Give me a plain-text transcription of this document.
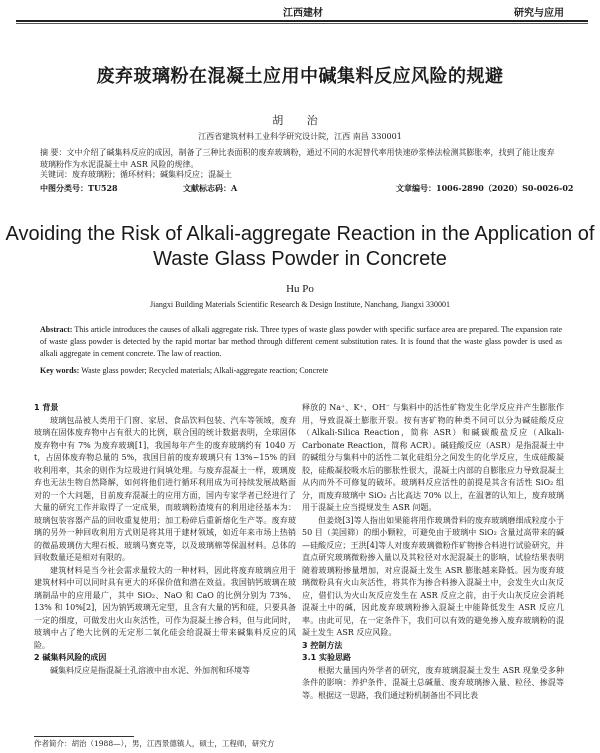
江西建材	研究与应用
废弃玻璃粉在混凝土应用中碱集料反应风险的规避
胡 治
江西省建筑材料工业科学研究设计院，江西 南昌 330001
摘 要：文中介绍了碱集料反应的成因，制备了三种比表面积的废弃玻璃粉，通过不同的水泥替代率用快速砂浆棒法检测其膨胀率，找到了能让废弃玻璃粉作为水泥混凝土中 ASR 风险的规律。
关键词：废弃玻璃粉；循环材料；碱集料反应；混凝土
中图分类号：TU528	文献标志码：A	文章编号：1006-2890（2020）S0-0026-02
Avoiding the Risk of Alkali-aggregate Reaction in the Application of Waste Glass Powder in Concrete
Hu Po
Jiangxi Building Materials Scientific Research & Design Institute, Nanchang, Jiangxi 330001
Abstract: This article introduces the causes of alkali aggregate risk. Three types of waste glass powder with specific surface area are prepared. The expansion rate of waste glass powder is detected by the rapid mortar bar method through different cement substitution rates. It is found that the waste glass powder is used as alkali aggregate in cement concrete. The law of reaction.
Key words: Waste glass powder; Recycled materials; Alkali-aggregate reaction; Concrete
1 背景

玻璃包品被人类用于门窗、家居、食品饮料包装、汽车等领域，废弃玻璃在固体废弃物中占有很大的比例，联合国的统计数据表明，全球固体废弃物中有 7% 为废弃玻璃[1]，我国每年产生的废弃玻璃约有 1040 万 t，占固体废弃物总量的 5%，我国目前的废弃玻璃只有 13%~15% 的回收利用率，其余的则作为垃圾进行间填处理。与废弃混凝土一样，玻璃废弃也无法生物自然降解，如何将他们进行循环利用成为可持续发展战略面对的一个大问题，目前废弃混凝土的应用方面，国内专家学者已经进行了大量的研究工作并取得了一定成果，而玻璃粉渣境有的利用途径基本为：玻璃包装容器产品的回收重复使用；加工粉碎后重新熔化生产等。废弃玻璃的另外一种回收利用方式则是将其用于建材领域，如近年来市场上热销的微晶玻璃仿大理石板、玻璃马赛克等，以及玻璃棉等保温材料。总体的回收数量还是相对有限的。

建筑材料是当今社会需求量较大的一种材料，因此将废弃玻璃应用于建筑材料中可以同时具有更大的环保价值和潜在效益。我国钠钙玻璃在玻璃制品中的应用最广，其中 SiO₂、NaO 和 CaO 的比例分别为 73%、13% 和 10%[2]，因为钠钙玻璃无定型，且含有大量的钙和硅，只要具备一定的细度，可做发出火山灰活性，可作为混凝土掺合料，但与此同时，玻璃中占了绝大比例的无定形二氧化硅会给混凝土带来碱集料反应的风险。

2 碱集料风险的成因

碱集料反应是指混凝土孔溶液中由水泥、外加剂和环境等

释放的 Na⁺、K⁺、OH⁻ 与集料中的活性矿物发生化学反应并产生膨胀作用，导致混凝土膨胀开裂。按有害矿物的种类不同可以分为碱硅酸反应（Alkali-Silica Reaction，简称 ASR）和碱碳酸盐反应（Alkali-Carbonate Reaction，简称 ACR）。碱硅酸反应（ASR）是指混凝土中的碱组分与集料中的活性二氧化硅组分之间发生的化学反应，生成硅酸凝胶，硅酸凝胶吸水后的膨胀性很大，混凝土内部的自膨胀应力导致混凝土从内而外不可修复的破坏。玻璃料反应活性的前提是其含有活性 SiO₂ 组分，而废弃玻璃中 SiO₂ 占比高达 70% 以上，在温著的认知上，废弃玻璃用于混凝土应当提规发生 ASR 问题。

但姜烧[3]等人指出如果能将用作玻璃骨料的废弃玻璃磨细成粒度小于 50 目（美国筛）的细小颗粒，可避免由于玻璃中 SiO₂ 含量过高带来的碱—硅酸反应；王洪[4]等人对废弃玻璃微粉作矿物掺合料进行试验研究，并直点研究玻璃微粉掺入量以及其粒径对水泥混凝土的影响，试验结果表明随着玻璃粉掺量增加，对应混凝土发生 ASR 膨胀越来降低。因为废弃玻璃微粉具有火山灰活性，将其作为掺合料掺入混凝土中，会发生火山灰反应，借们认为火山灰反应发生在 ASR 反应之前，由于火山灰反应会消耗混凝土中的碱，因此废弃玻璃粉掺入混凝土中能降低发生 ASR 反应几率。由此可见，在一定条件下，我们可以有效的避免掺入废弃玻璃粉的混凝土发生 ASR 反应风险。

3 控制方法
3.1 实验思路

根据大量国内外学者的研究，废弃玻璃混凝土发生 ASR 现象受多种条件的影响：养护条件、混凝土总碱量、废弃玻璃掺入量、粒径、掺混等等。根据这一思路，我们通过粉机制备出不同比表

作者简介：胡治（1988—），男，江西景德镇人，硕士，工程师，研究方
